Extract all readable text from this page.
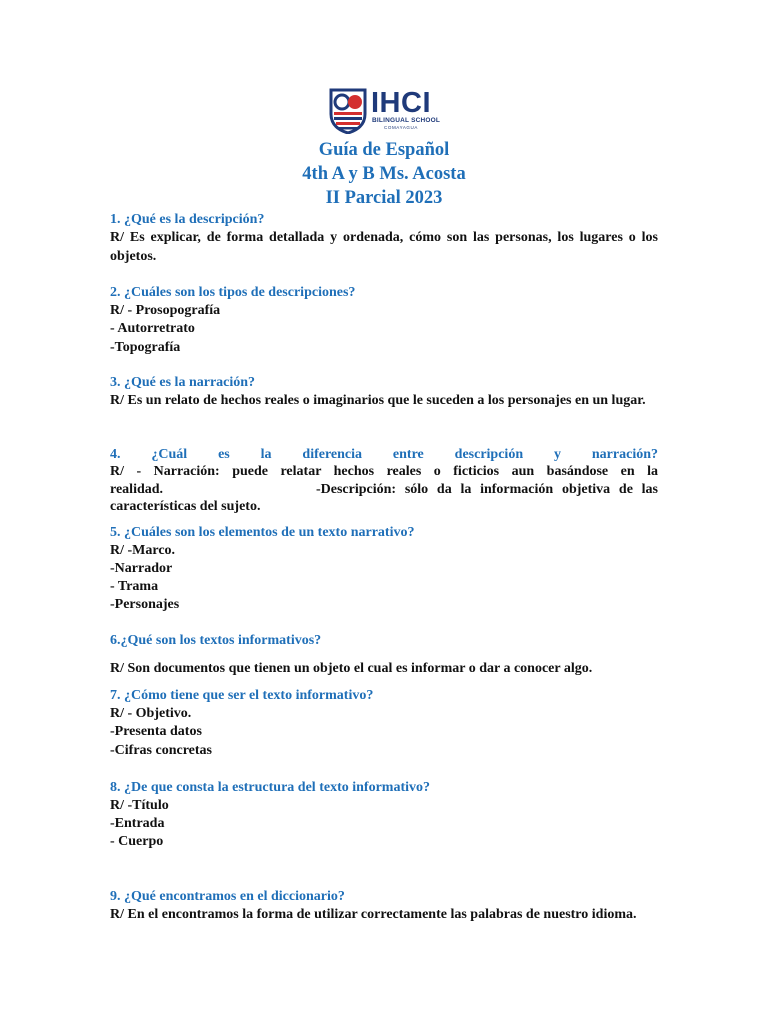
IHCI
BILINGUAL SCHOOL
COMAYAGUA
Guía de Español
4th A y B Ms. Acosta
II Parcial 2023
1. ¿Qué es la descripción?
R/ Es explicar, de forma detallada y ordenada, cómo son las personas, los lugares o los objetos.
2. ¿Cuáles son los tipos de descripciones?
R/ - Prosopografía
- Autorretrato
-Topografía
3. ¿Qué es la narración?
R/ Es un relato de hechos reales o imaginarios que le suceden a los personajes en un lugar.
4. ¿Cuál es la diferencia entre descripción y narración?
R/ - Narración: puede relatar hechos reales o ficticios aun basándose en la
-Descripción: sólo da la información objetiva de las
características del sujeto.
5. ¿Cuáles son los elementos de un texto narrativo?
R/ -Marco.
-Narrador
- Trama
-Personajes
6.¿Qué son los textos informativos?
R/ Son documentos que tienen un objeto el cual es informar o dar a conocer algo.
7. ¿Cómo tiene que ser el texto informativo?
R/ - Objetivo.
-Presenta datos
-Cifras concretas
8. ¿De que consta la estructura del texto informativo?
R/ -Título
-Entrada
- Cuerpo
9. ¿Qué encontramos en el diccionario?
R/ En el encontramos la forma de utilizar correctamente las palabras de nuestro idioma.
realidad.
